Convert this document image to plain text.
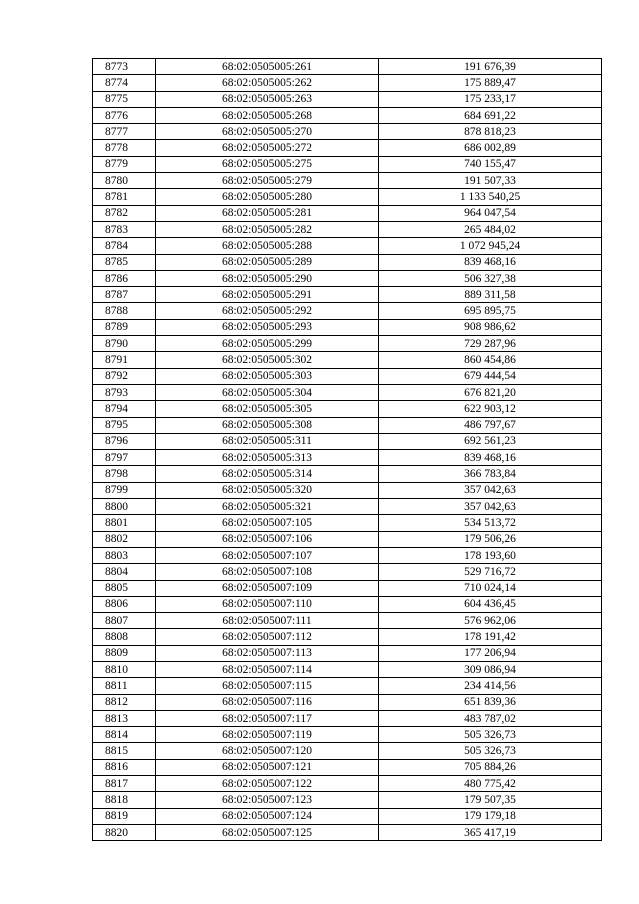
8773	68:02:0505005:261	191 676,39
8774	68:02:0505005:262	175 889,47
8775	68:02:0505005:263	175 233,17
8776	68:02:0505005:268	684 691,22
8777	68:02:0505005:270	878 818,23
8778	68:02:0505005:272	686 002,89
8779	68:02:0505005:275	740 155,47
8780	68:02:0505005:279	191 507,33
8781	68:02:0505005:280	1 133 540,25
8782	68:02:0505005:281	964 047,54
8783	68:02:0505005:282	265 484,02
8784	68:02:0505005:288	1 072 945,24
8785	68:02:0505005:289	839 468,16
8786	68:02:0505005:290	506 327,38
8787	68:02:0505005:291	889 311,58
8788	68:02:0505005:292	695 895,75
8789	68:02:0505005:293	908 986,62
8790	68:02:0505005:299	729 287,96
8791	68:02:0505005:302	860 454,86
8792	68:02:0505005:303	679 444,54
8793	68:02:0505005:304	676 821,20
8794	68:02:0505005:305	622 903,12
8795	68:02:0505005:308	486 797,67
8796	68:02:0505005:311	692 561,23
8797	68:02:0505005:313	839 468,16
8798	68:02:0505005:314	366 783,84
8799	68:02:0505005:320	357 042,63
8800	68:02:0505005:321	357 042,63
8801	68:02:0505007:105	534 513,72
8802	68:02:0505007:106	179 506,26
8803	68:02:0505007:107	178 193,60
8804	68:02:0505007:108	529 716,72
8805	68:02:0505007:109	710 024,14
8806	68:02:0505007:110	604 436,45
8807	68:02:0505007:111	576 962,06
8808	68:02:0505007:112	178 191,42
8809	68:02:0505007:113	177 206,94
8810	68:02:0505007:114	309 086,94
8811	68:02:0505007:115	234 414,56
8812	68:02:0505007:116	651 839,36
8813	68:02:0505007:117	483 787,02
8814	68:02:0505007:119	505 326,73
8815	68:02:0505007:120	505 326,73
8816	68:02:0505007:121	705 884,26
8817	68:02:0505007:122	480 775,42
8818	68:02:0505007:123	179 507,35
8819	68:02:0505007:124	179 179,18
8820	68:02:0505007:125	365 417,19
